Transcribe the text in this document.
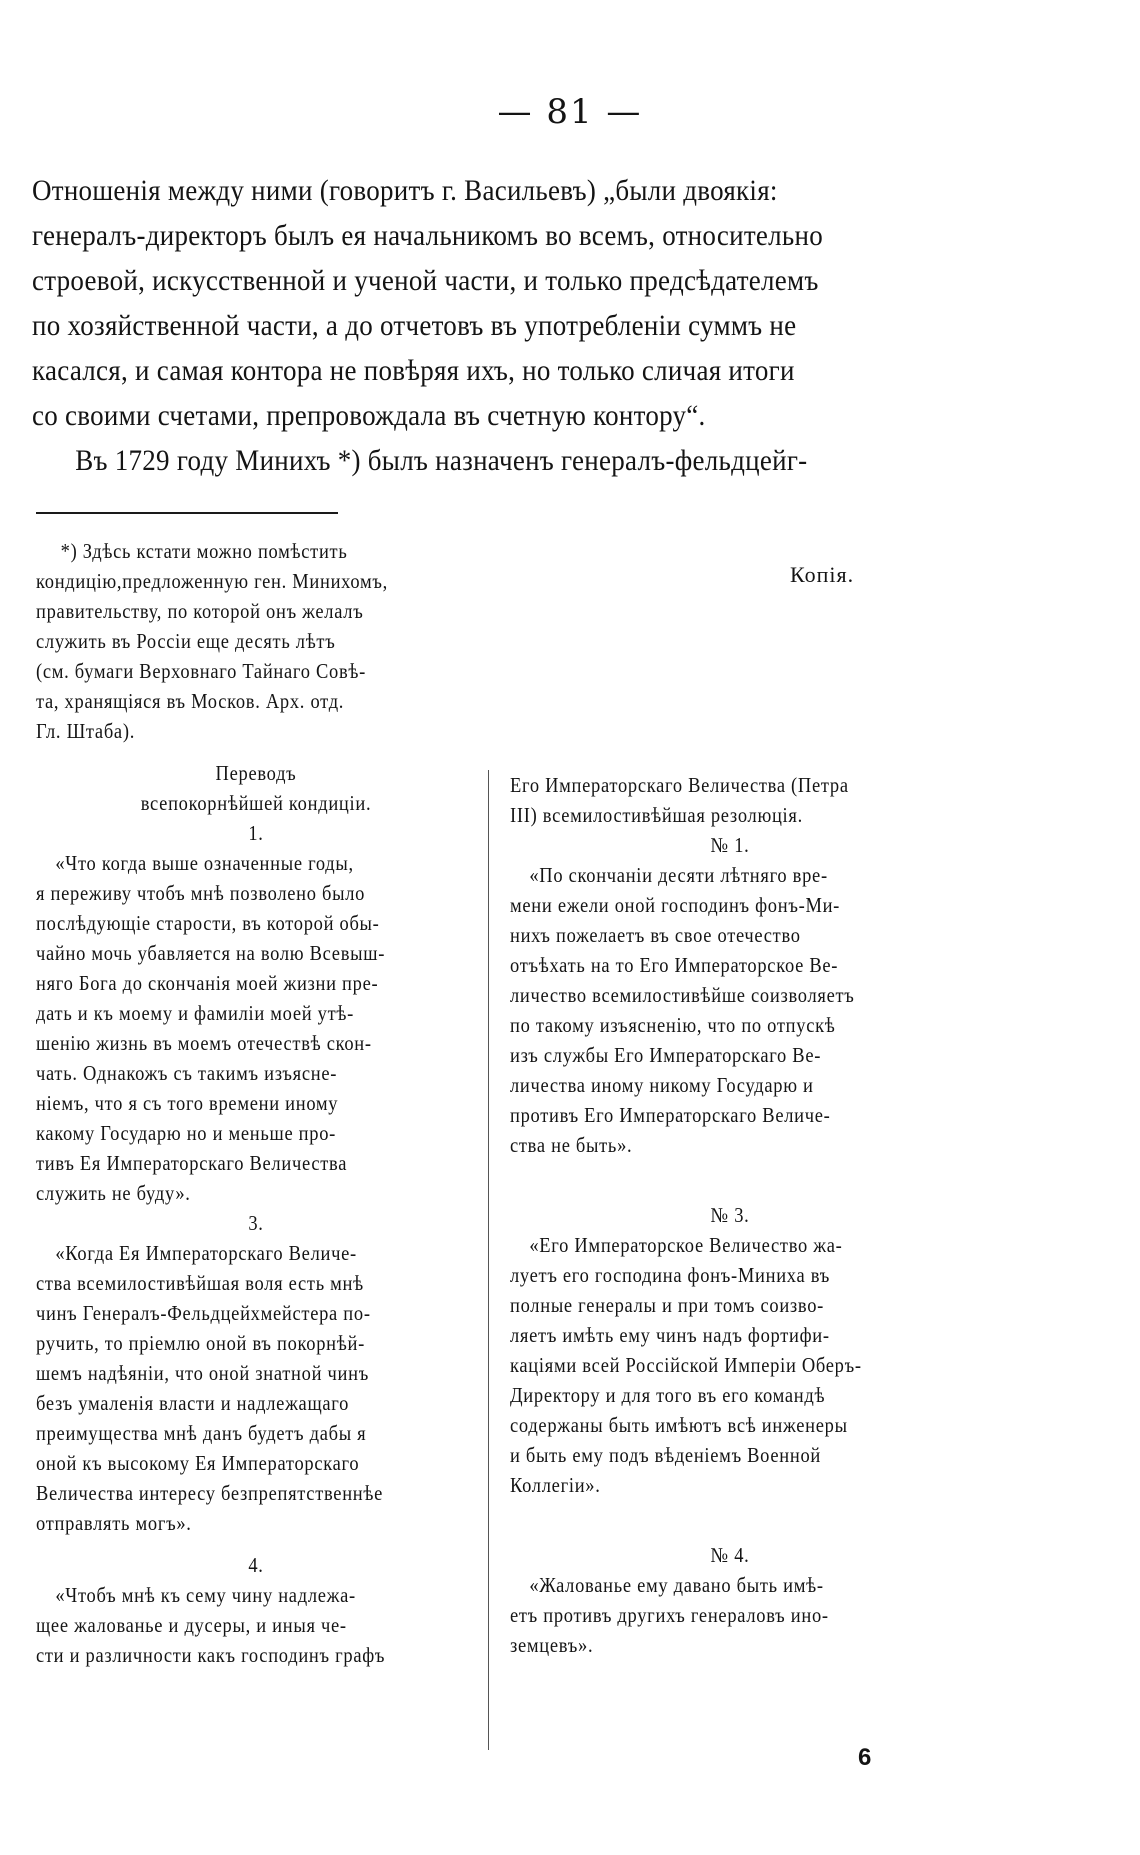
— 81 —
Отношенія между ними (говоритъ г. Васильевъ) „были двоякія:
генералъ-директоръ былъ ея начальникомъ во всемъ, относительно
строевой, искусственной и ученой части, и только предсѣдателемъ
по хозяйственной части, а до отчетовъ въ употребленіи суммъ не
касался, и самая контора не повѣряя ихъ, но только сличая итоги
со своими счетами, препровождала въ счетную контору“.
Въ 1729 году Минихъ *) былъ назначенъ генералъ-фельдцейг-
*) Здѣсь кстати можно помѣстить
кондицію,предложенную ген. Минихомъ,
правительству, по которой онъ желалъ
служить въ Россіи еще десять лѣтъ
(см. бумаги Верховнаго Тайнаго Совѣ-
та, хранящіяся въ Москов. Арх. отд.
Гл. Штаба).
Переводъ
всепокорнѣйшей кондиціи.
1.
«Что когда выше означенные годы,
я переживу чтобъ мнѣ позволено было
послѣдующіе старости, въ которой обы-
чайно мочь убавляется на волю Всевыш-
няго Бога до скончанія моей жизни пре-
дать и къ моему и фамиліи моей утѣ-
шенію жизнь въ моемъ отечествѣ скон-
чать. Однакожъ съ такимъ изъясне-
ніемъ, что я съ того времени иному
какому Государю но и меньше про-
тивъ Ея Императорскаго Величества
служить не буду».
3.
«Когда Ея Императорскаго Величе-
ства всемилостивѣйшая воля есть мнѣ
чинъ Генералъ-Фельдцейхмейстера по-
ручить, то пріемлю оной въ покорнѣй-
шемъ надѣяніи, что оной знатной чинъ
безъ умаленія власти и надлежащаго
преимущества мнѣ данъ будетъ дабы я
оной къ высокому Ея Императорскаго
Величества интересу безпрепятственнѣе
отправлять могъ».
4.
«Чтобъ мнѣ къ сему чину надлежа-
щее жалованье и дусеры, и иныя че-
сти и различности какъ господинъ графъ
Копія.
Его Императорскаго Величества (Петра
III) всемилостивѣйшая резолюція.
№ 1.
«По скончаніи десяти лѣтняго вре-
мени ежели оной господинъ фонъ-Ми-
нихъ пожелаетъ въ свое отечество
отъѣхать на то Его Императорское Ве-
личество всемилостивѣйше соизволяетъ
по такому изъясненію, что по отпускѣ
изъ службы Его Императорскаго Ве-
личества иному никому Государю и
противъ Его Императорскаго Величе-
ства не быть».
№ 3.
«Его Императорское Величество жа-
луетъ его господина фонъ-Миниха въ
полные генералы и при томъ соизво-
ляетъ имѣть ему чинъ надъ фортифи-
каціями всей Россійской Имперіи Оберъ-
Директору и для того въ его командѣ
содержаны быть имѣютъ всѣ инженеры
и быть ему подъ вѣденіемъ Военной
Коллегіи».
№ 4.
«Жалованье ему давано быть имѣ-
етъ противъ другихъ генераловъ ино-
земцевъ».
6
